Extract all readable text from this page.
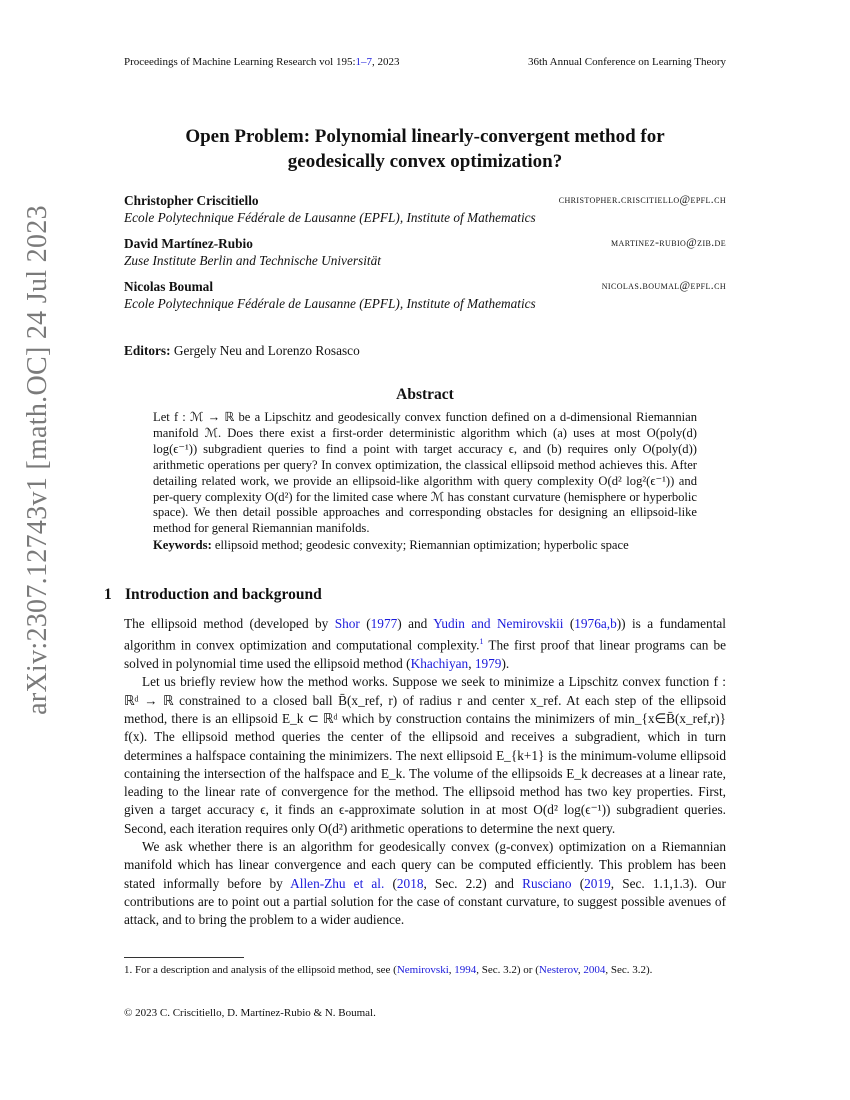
Proceedings of Machine Learning Research vol 195:1–7, 2023	36th Annual Conference on Learning Theory
arXiv:2307.12743v1 [math.OC] 24 Jul 2023
Open Problem: Polynomial linearly-convergent method for
geodesically convex optimization?
Christopher Criscitiello	christopher.criscitiello@epfl.ch
Ecole Polytechnique Fédérale de Lausanne (EPFL), Institute of Mathematics
David Martínez-Rubio	martinez-rubio@zib.de
Zuse Institute Berlin and Technische Universität
Nicolas Boumal	nicolas.boumal@epfl.ch
Ecole Polytechnique Fédérale de Lausanne (EPFL), Institute of Mathematics
Editors: Gergely Neu and Lorenzo Rosasco
Abstract
Let f : ℳ → ℝ be a Lipschitz and geodesically convex function defined on a d-dimensional Riemannian manifold ℳ. Does there exist a first-order deterministic algorithm which (a) uses at most O(poly(d) log(ϵ⁻¹)) subgradient queries to find a point with target accuracy ϵ, and (b) requires only O(poly(d)) arithmetic operations per query? In convex optimization, the classical ellipsoid method achieves this. After detailing related work, we provide an ellipsoid-like algorithm with query complexity O(d² log²(ϵ⁻¹)) and per-query complexity O(d²) for the limited case where ℳ has constant curvature (hemisphere or hyperbolic space). We then detail possible approaches and corresponding obstacles for designing an ellipsoid-like method for general Riemannian manifolds.
Keywords: ellipsoid method; geodesic convexity; Riemannian optimization; hyperbolic space
1 Introduction and background

The ellipsoid method (developed by Shor (1977) and Yudin and Nemirovskii (1976a,b)) is a fundamental algorithm in convex optimization and computational complexity.$^1$ The first proof that linear programs can be solved in polynomial time used the ellipsoid method (Khachiyan, 1979).

Let us briefly review how the method works. Suppose we seek to minimize a Lipschitz convex function f : ℝᵈ → ℝ constrained to a closed ball B̄(x_ref, r) of radius r and center x_ref. At each step of the ellipsoid method, there is an ellipsoid E_k ⊂ ℝᵈ which by construction contains the minimizers of min_{x∈B̄(x_ref,r)} f(x). The ellipsoid method queries the center of the ellipsoid and receives a subgradient, which in turn determines a halfspace containing the minimizers. The next ellipsoid E_{k+1} is the minimum-volume ellipsoid containing the intersection of the halfspace and E_k. The volume of the ellipsoids E_k decreases at a linear rate, leading to the linear rate of convergence for the method. The ellipsoid method has two key properties. First, given a target accuracy ϵ, it finds an ϵ-approximate solution in at most O(d² log(ϵ⁻¹)) subgradient queries. Second, each iteration requires only O(d²) arithmetic operations to determine the next query.

We ask whether there is an algorithm for geodesically convex (g-convex) optimization on a Riemannian manifold which has linear convergence and each query can be computed efficiently. This problem has been stated informally before by Allen-Zhu et al. (2018, Sec. 2.2) and Rusciano (2019, Sec. 1.1,1.3). Our contributions are to point out a partial solution for the case of constant curvature, to suggest possible avenues of attack, and to bring the problem to a wider audience.

1. For a description and analysis of the ellipsoid method, see (Nemirovski, 1994, Sec. 3.2) or (Nesterov, 2004, Sec. 3.2).
© 2023 C. Criscitiello, D. Martínez-Rubio & N. Boumal.
